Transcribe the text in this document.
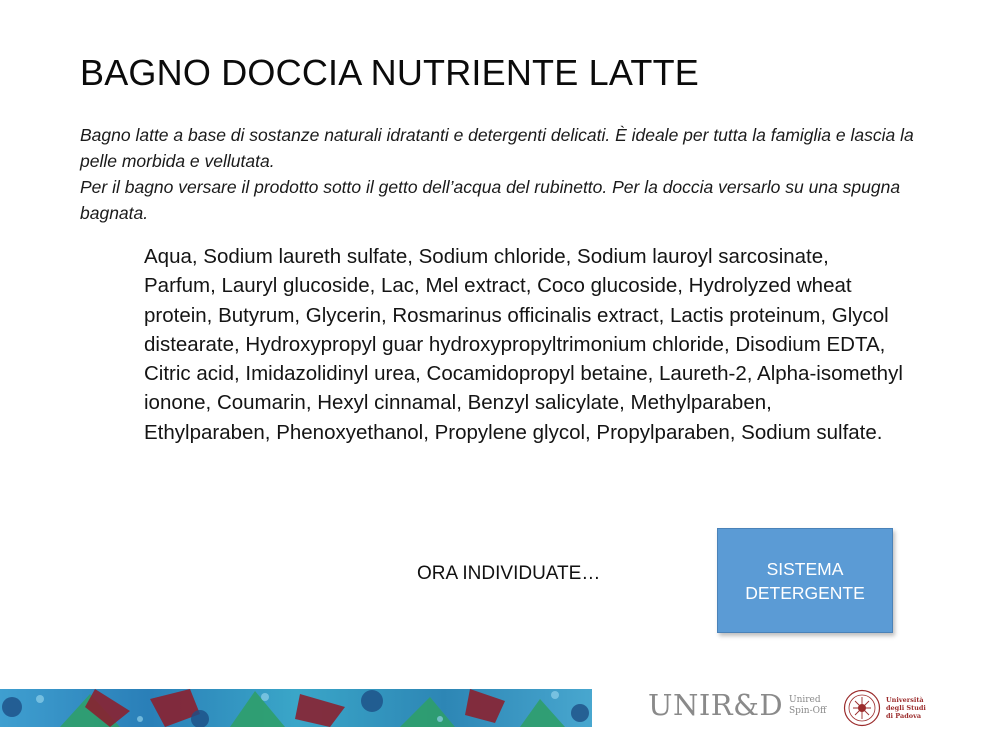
BAGNO DOCCIA NUTRIENTE LATTE

Bagno latte a base di sostanze naturali idratanti e detergenti delicati. È ideale per tutta la famiglia e lascia la pelle morbida e vellutata.

Per il bagno versare il prodotto sotto il getto dell’acqua del rubinetto. Per la doccia versarlo su una spugna bagnata.

Aqua, Sodium laureth sulfate, Sodium chloride, Sodium lauroyl sarcosinate, Parfum, Lauryl glucoside, Lac, Mel extract, Coco glucoside, Hydrolyzed wheat protein, Butyrum, Glycerin, Rosmarinus officinalis extract, Lactis proteinum, Glycol distearate, Hydroxypropyl guar hydroxypropyltrimonium chloride, Disodium EDTA, Citric acid, Imidazolidinyl urea, Cocamidopropyl betaine, Laureth-2, Alpha-isomethyl ionone, Coumarin, Hexyl cinnamal, Benzyl salicylate, Methylparaben, Ethylparaben, Phenoxyethanol, Propylene glycol, Propylparaben, Sodium sulfate.
ORA INDIVIDUATE…	SISTEMA
DETERGENTE
UNIR&D Unired
Spin-Off
Università
degli Studi
di Padova
